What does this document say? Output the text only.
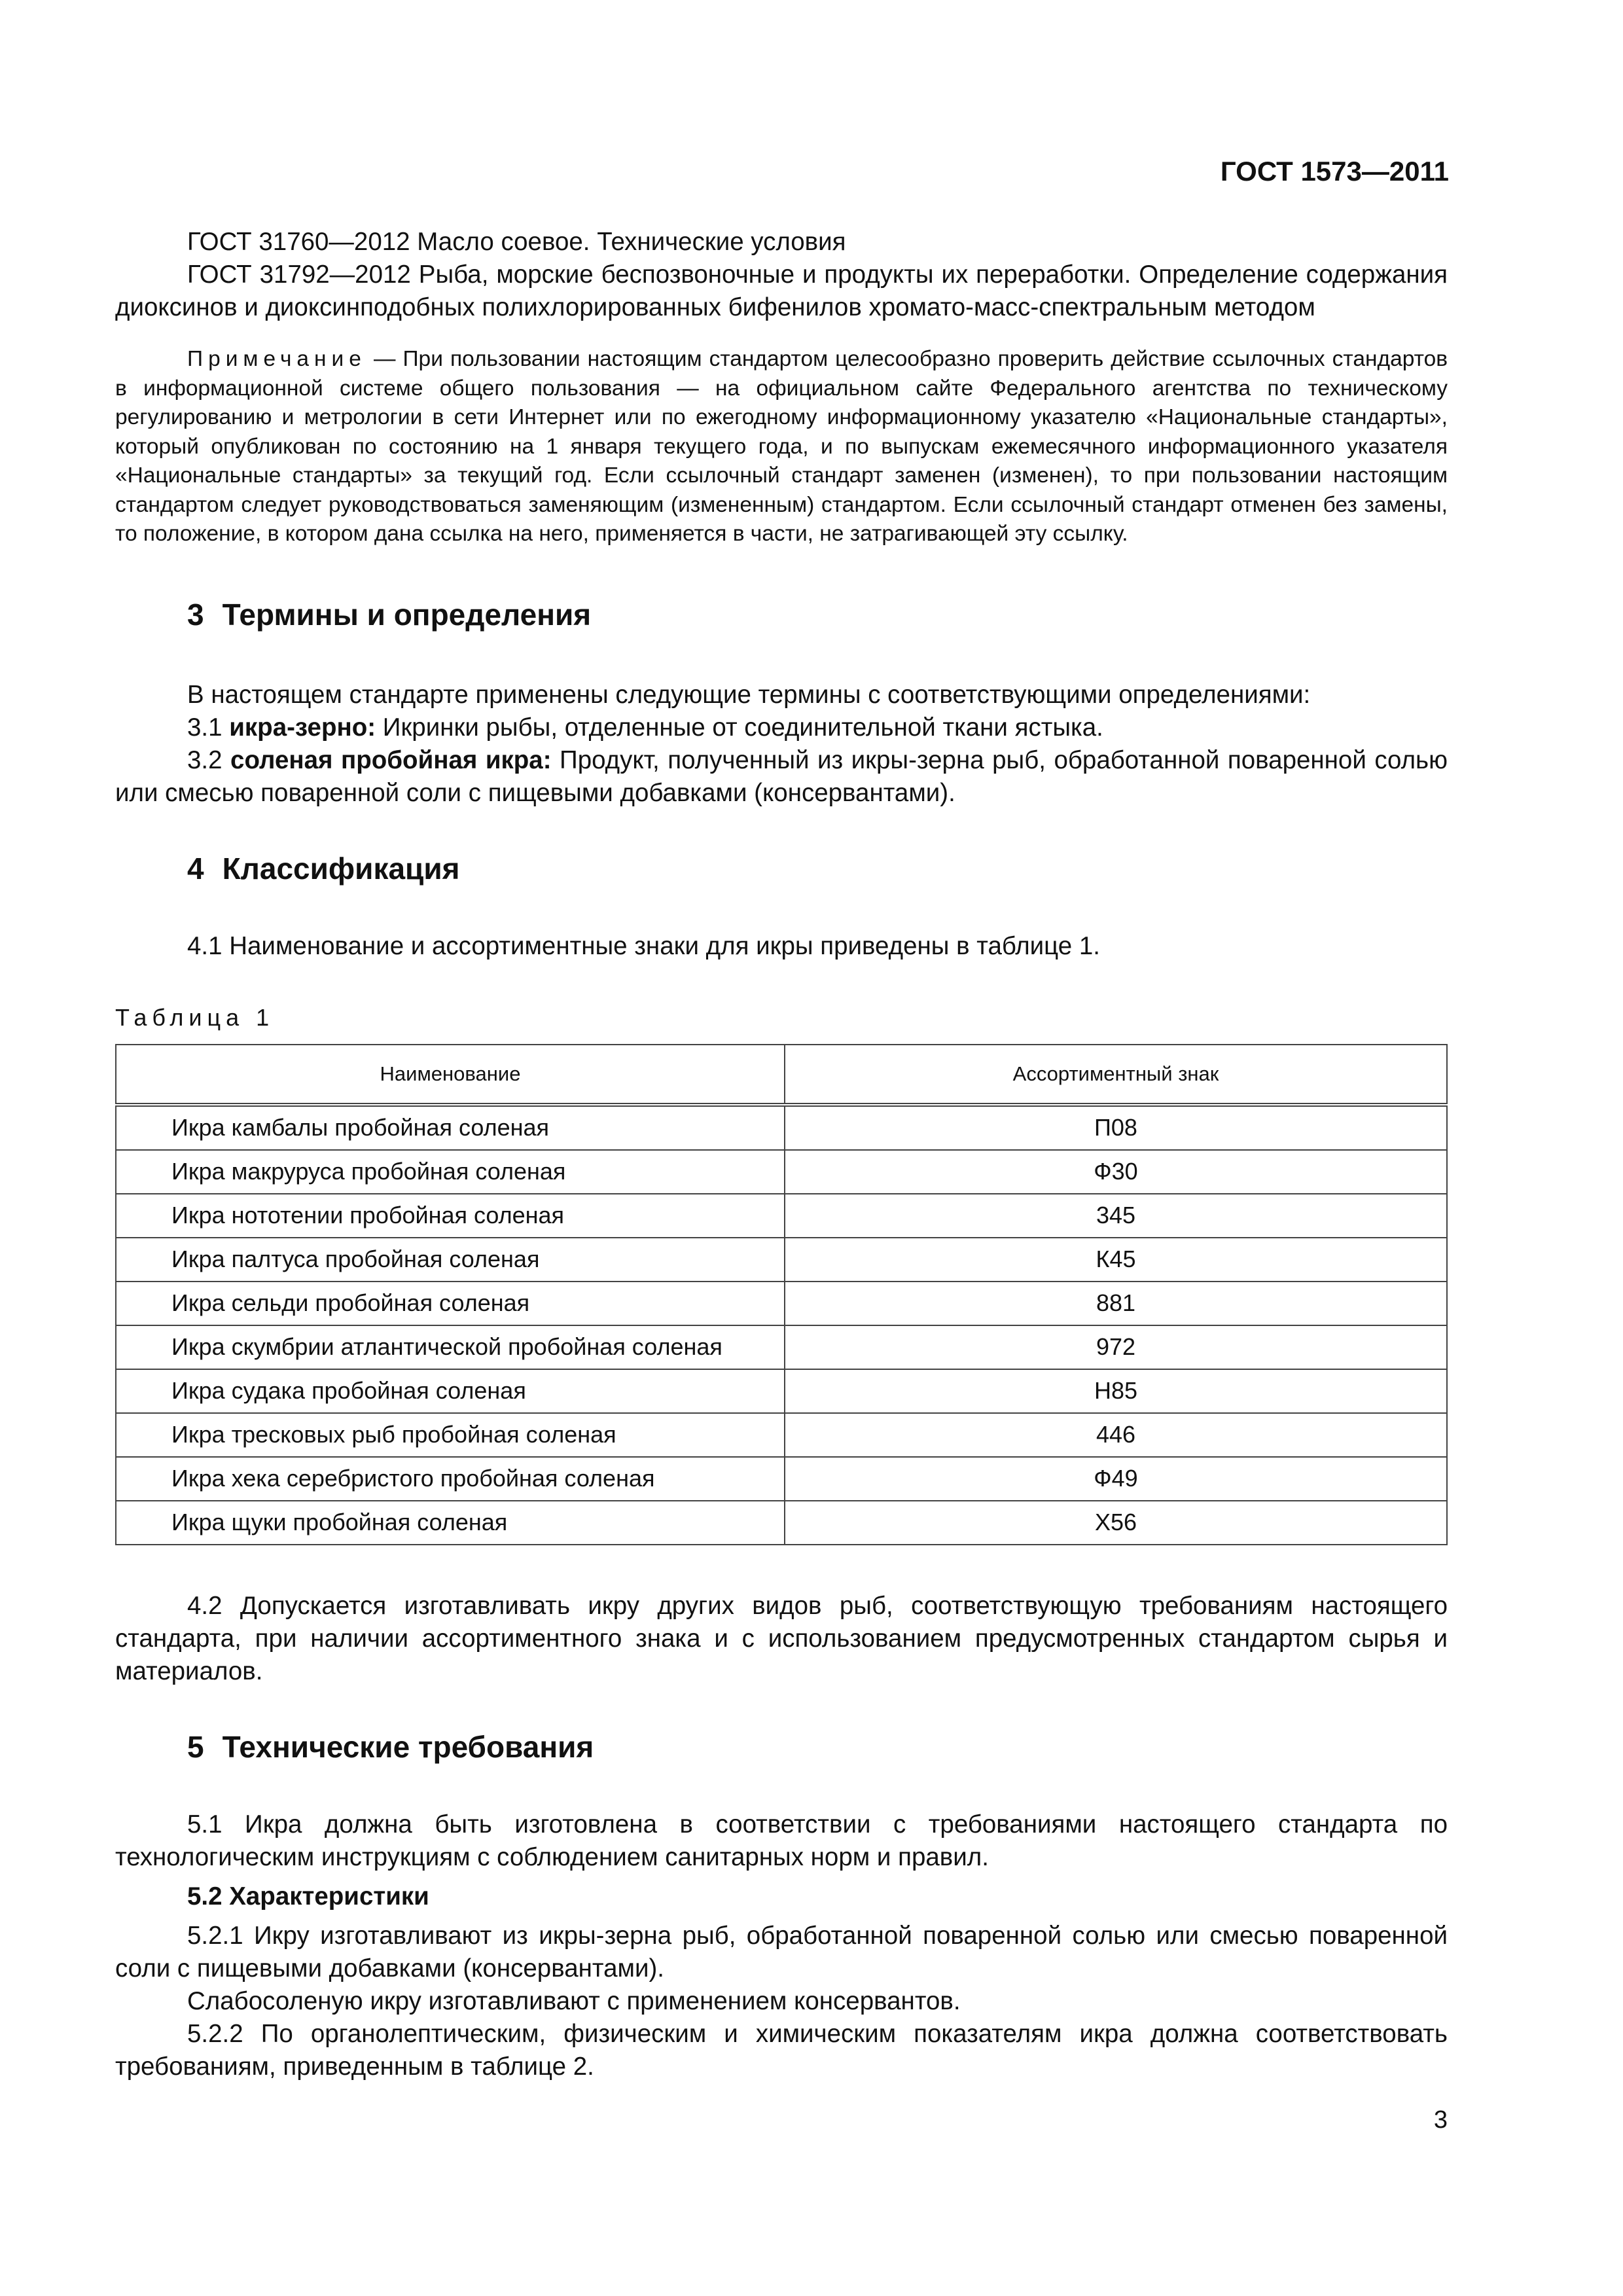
ГОСТ 1573—2011

ГОСТ 31760—2012 Масло соевое. Технические условия

ГОСТ 31792—2012 Рыба, морские беспозвоночные и продукты их переработки. Определение содержания диоксинов и диоксинподобных полихлорированных бифенилов хромато-масс-спектральным методом

Примечание — При пользовании настоящим стандартом целесообразно проверить действие ссылочных стандартов в информационной системе общего пользования — на официальном сайте Федерального агентства по техническому регулированию и метрологии в сети Интернет или по ежегодному информационному указателю «Национальные стандарты», который опубликован по состоянию на 1 января текущего года, и по выпускам ежемесячного информационного указателя «Национальные стандарты» за текущий год. Если ссылочный стандарт заменен (изменен), то при пользовании настоящим стандартом следует руководствоваться заменяющим (измененным) стандартом. Если ссылочный стандарт отменен без замены, то положение, в котором дана ссылка на него, применяется в части, не затрагивающей эту ссылку.

3 Термины и определения

В настоящем стандарте применены следующие термины с соответствующими определениями:

3.1 икра-зерно: Икринки рыбы, отделенные от соединительной ткани ястыка.

3.2 соленая пробойная икра: Продукт, полученный из икры-зерна рыб, обработанной поваренной солью или смесью поваренной соли с пищевыми добавками (консервантами).

4 Классификация

4.1 Наименование и ассортиментные знаки для икры приведены в таблице 1.

Таблица 1
Наименование	Ассортиментный знак
Икра камбалы пробойная соленая	П08
Икра макруруса пробойная соленая	Ф30
Икра нототении пробойная соленая	345
Икра палтуса пробойная соленая	К45
Икра сельди пробойная соленая	881
Икра скумбрии атлантической пробойная соленая	972
Икра судака пробойная соленая	Н85
Икра тресковых рыб пробойная соленая	446
Икра хека серебристого пробойная соленая	Ф49
Икра щуки пробойная соленая	Х56

4.2 Допускается изготавливать икру других видов рыб, соответствующую требованиям настоящего стандарта, при наличии ассортиментного знака и с использованием предусмотренных стандартом сырья и материалов.

5 Технические требования

5.1 Икра должна быть изготовлена в соответствии с требованиями настоящего стандарта по технологическим инструкциям с соблюдением санитарных норм и правил.

5.2 Характеристики

5.2.1 Икру изготавливают из икры-зерна рыб, обработанной поваренной солью или смесью поваренной соли с пищевыми добавками (консервантами).

Слабосоленую икру изготавливают с применением консервантов.

5.2.2 По органолептическим, физическим и химическим показателям икра должна соответствовать требованиям, приведенным в таблице 2.

3
